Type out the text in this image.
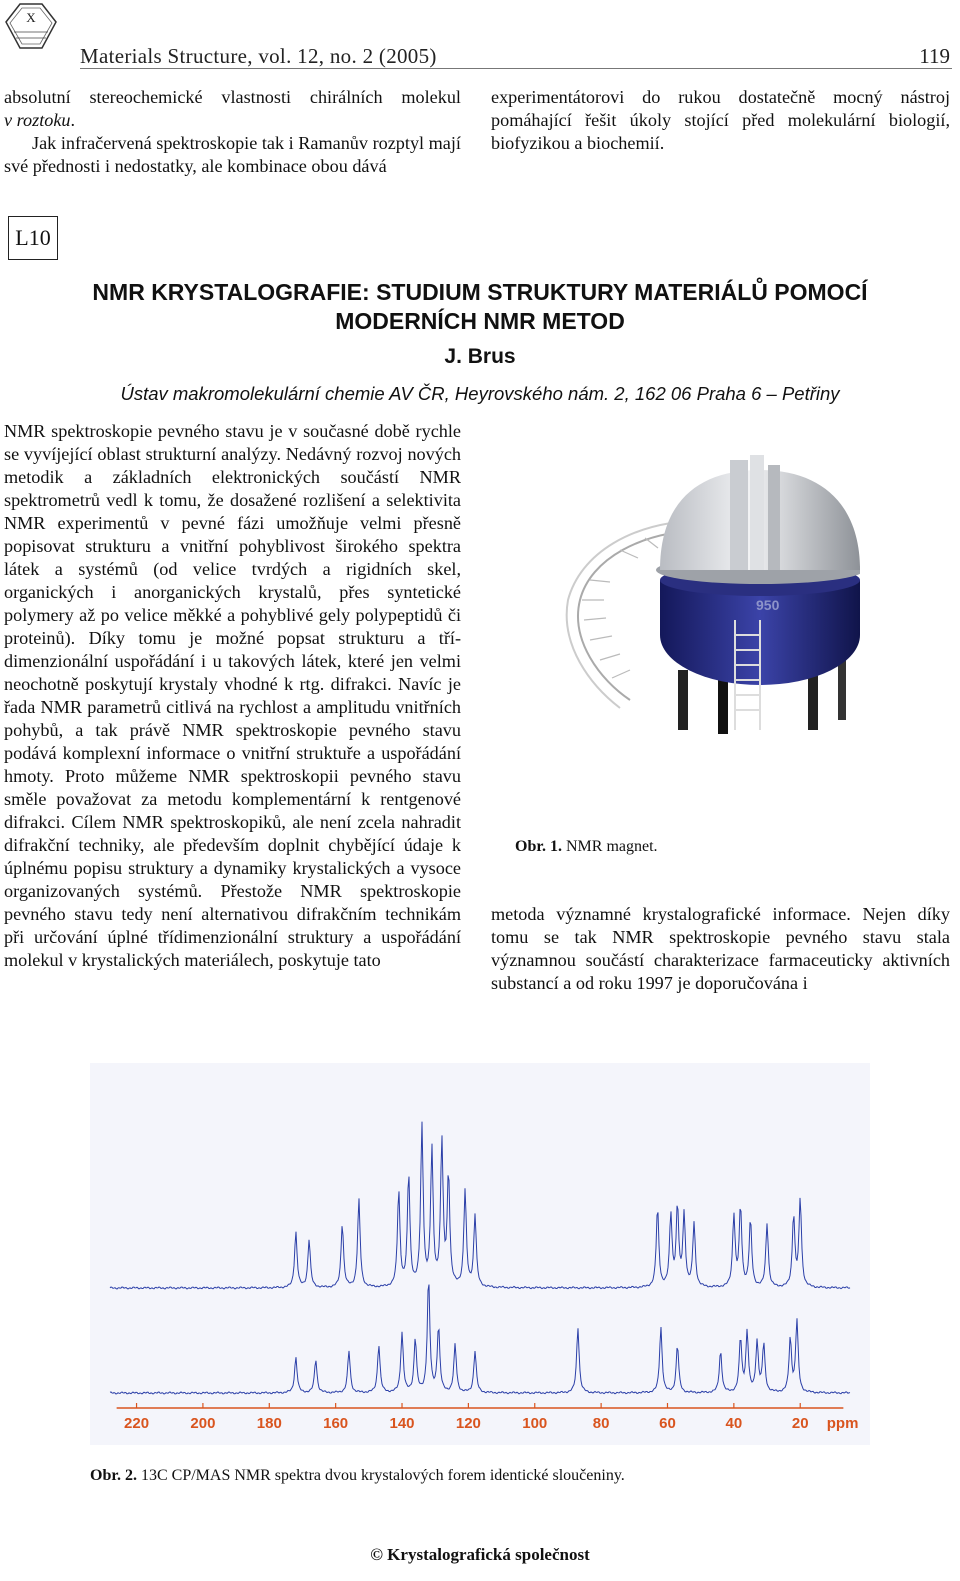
X
Materials Structure, vol. 12, no. 2 (2005)	119

absolutní stereochemické vlastnosti chirálních molekul

v roztoku.

Jak infračervená spektroskopie tak i Ramanův rozptyl mají své přednosti i nedostatky, ale kombinace obou dává

experimentátorovi do rukou dostatečně mocný nástroj pomáhající řešit úkoly stojící před molekulární biologií, biofyzikou a biochemií.

L10
NMR KRYSTALOGRAFIE: STUDIUM STRUKTURY MATERIÁLŮ POMOCÍ
MODERNÍCH NMR METOD
J. Brus
Ústav makromolekulární chemie AV ČR, Heyrovského nám. 2, 162 06 Praha 6 – Petřiny

NMR spektroskopie pevného stavu je v současné době rychle se vyvíjející oblast strukturní analýzy. Nedávný rozvoj nových metodik a základních elektronických součástí NMR spektrometrů vedl k tomu, že dosažené rozlišení a selektivita NMR experimentů v pevné fázi umožňuje velmi přesně popisovat strukturu a vnitřní pohyblivost širokého spektra látek a systémů (od velice tvrdých a rigidních skel, organických i anorganických krystalů, přes syntetické polymery až po velice měkké a pohyblivé gely polypeptidů či proteinů). Díky tomu je možné popsat strukturu a tří-dimenzionální uspořádání i u takových látek, které jen velmi neochotně poskytují krystaly vhodné k rtg. difrakci. Navíc je řada NMR parametrů citlivá na rychlost a amplitudu vnitřních pohybů, a tak právě NMR spektroskopie pevného stavu podává komplexní informace o vnitřní struktuře a uspořádání hmoty. Proto můžeme NMR spektroskopii pevného stavu směle považovat za metodu komplementární k rentgenové difrakci. Cílem NMR spektroskopiků, ale není zcela nahradit difrakční techniky, ale především doplnit chybějící údaje k úplnému popisu struktury a dynamiky krystalických a vysoce organizovaných systémů. Přestože NMR spektroskopie pevného stavu tedy není alternativou difrakčním technikám při určování úplné třídimenzionální struktury a uspořádání molekul v krystalických materiálech, poskytuje tato

950
Obr. 1. NMR magnet.

metoda významné krystalografické informace. Nejen díky tomu se tak NMR spektroskopie pevného stavu stala významnou součástí charakterizace farmaceuticky aktivních substancí a od roku 1997 je doporučována i

220	200	180	160	140	120	100	80	60	40	20 ppm
Obr. 2. 13C CP/MAS NMR spektra dvou krystalových forem identické sloučeniny.
© Krystalografická společnost
